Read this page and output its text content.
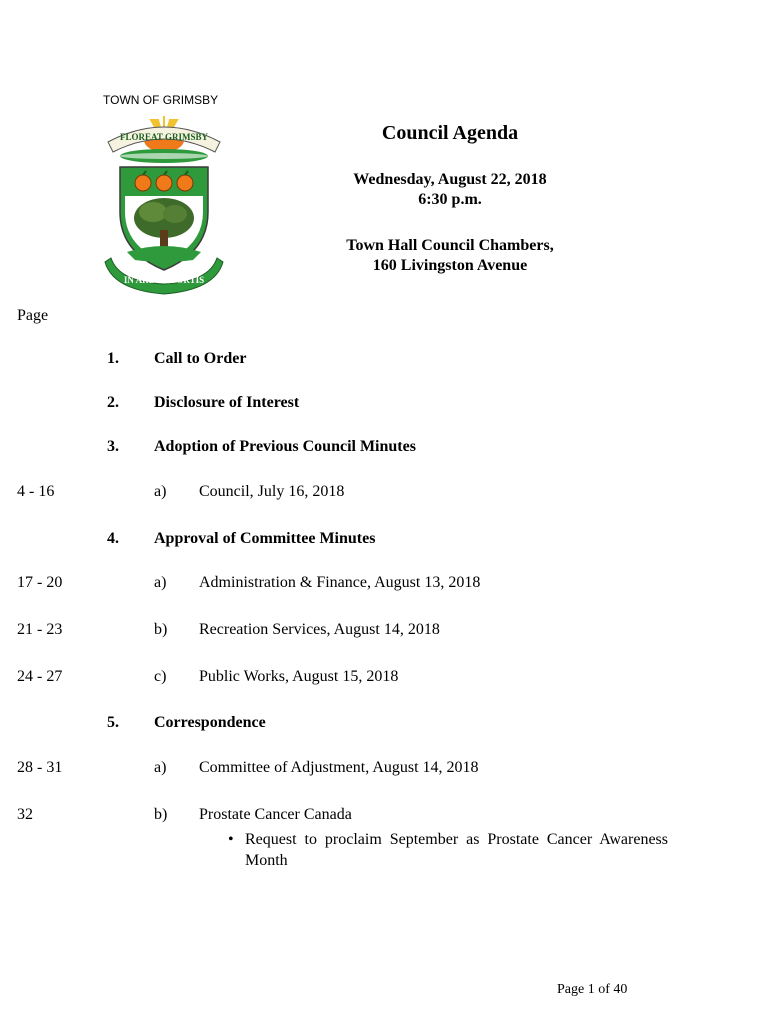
TOWN OF GRIMSBY
FLOREAT GRIMSBY
IN ARDUO FORTIS
Council Agenda
Wednesday, August 22, 2018
6:30 p.m.
Town Hall Council Chambers,
160 Livingston Avenue
Page
1. Call to Order
2. Disclosure of Interest
3. Adoption of Previous Council Minutes
4 - 16	a) Council, July 16, 2018
4. Approval of Committee Minutes
17 - 20	a) Administration & Finance, August 13, 2018
21 - 23	b) Recreation Services, August 14, 2018
24 - 27	c) Public Works, August 15, 2018
5. Correspondence
28 - 31	a) Committee of Adjustment, August 14, 2018
32	b) Prostate Cancer Canada
• Request to proclaim September as Prostate Cancer Awareness Month
Page 1 of 40
